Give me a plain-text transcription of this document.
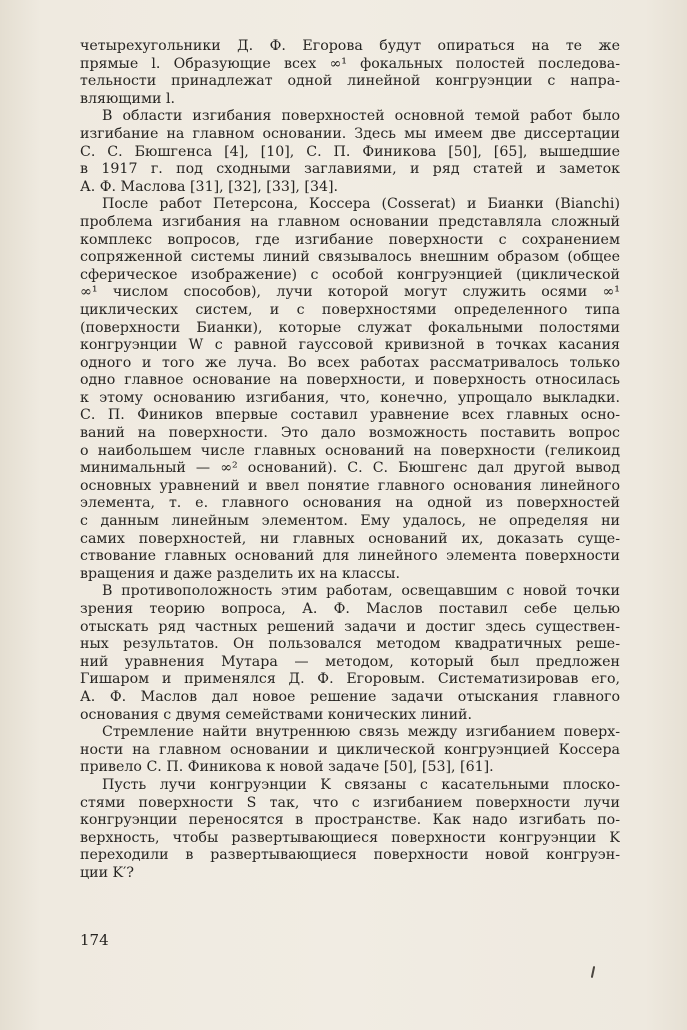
четырехугольники Д. Ф. Егорова будут опираться на те же
прямые l. Образующие всех ∞¹ фокальных полостей последова-
тельности принадлежат одной линейной конгруэнции с напра-
вляющими l.
В области изгибания поверхностей основной темой работ было
изгибание на главном основании. Здесь мы имеем две диссертации
С. С. Бюшгенса [4], [10], С. П. Финикова [50], [65], вышедшие
в 1917 г. под сходными заглавиями, и ряд статей и заметок
А. Ф. Маслова [31], [32], [33], [34].
После работ Петерсона, Коссера (Cosserat) и Бианки (Bianchi)
проблема изгибания на главном основании представляла сложный
комплекс вопросов, где изгибание поверхности с сохранением
сопряженной системы линий связывалось внешним образом (общее
сферическое изображение) с особой конгруэнцией (циклической
∞¹ числом способов), лучи которой могут служить осями ∞¹
циклических систем, и с поверхностями определенного типа
(поверхности Бианки), которые служат фокальными полостями
конгруэнции W с равной гауссовой кривизной в точках касания
одного и того же луча. Во всех работах рассматривалось только
одно главное основание на поверхности, и поверхность относилась
к этому основанию изгибания, что, конечно, упрощало выкладки.
С. П. Фиников впервые составил уравнение всех главных осно-
ваний на поверхности. Это дало возможность поставить вопрос
о наибольшем числе главных оснований на поверхности (геликоид
минимальный — ∞² оснований). С. С. Бюшгенс дал другой вывод
основных уравнений и ввел понятие главного основания линейного
элемента, т. е. главного основания на одной из поверхностей
с данным линейным элементом. Ему удалось, не определяя ни
самих поверхностей, ни главных оснований их, доказать суще-
ствование главных оснований для линейного элемента поверхности
вращения и даже разделить их на классы.
В противоположность этим работам, освещавшим с новой точки
зрения теорию вопроса, А. Ф. Маслов поставил себе целью
отыскать ряд частных решений задачи и достиг здесь существен-
ных результатов. Он пользовался методом квадратичных реше-
ний уравнения Мутара — методом, который был предложен
Гишаром и применялся Д. Ф. Егоровым. Систематизировав его,
А. Ф. Маслов дал новое решение задачи отыскания главного
основания с двумя семействами конических линий.
Стремление найти внутреннюю связь между изгибанием поверх-
ности на главном основании и циклической конгруэнцией Коссера
привело С. П. Финикова к новой задаче [50], [53], [61].
Пусть лучи конгруэнции K связаны с касательными плоско-
стями поверхности S так, что с изгибанием поверхности лучи
конгруэнции переносятся в пространстве. Как надо изгибать по-
верхность, чтобы развертывающиеся поверхности конгруэнции K
переходили в развертывающиеся поверхности новой конгруэн-
ции K′?
174
